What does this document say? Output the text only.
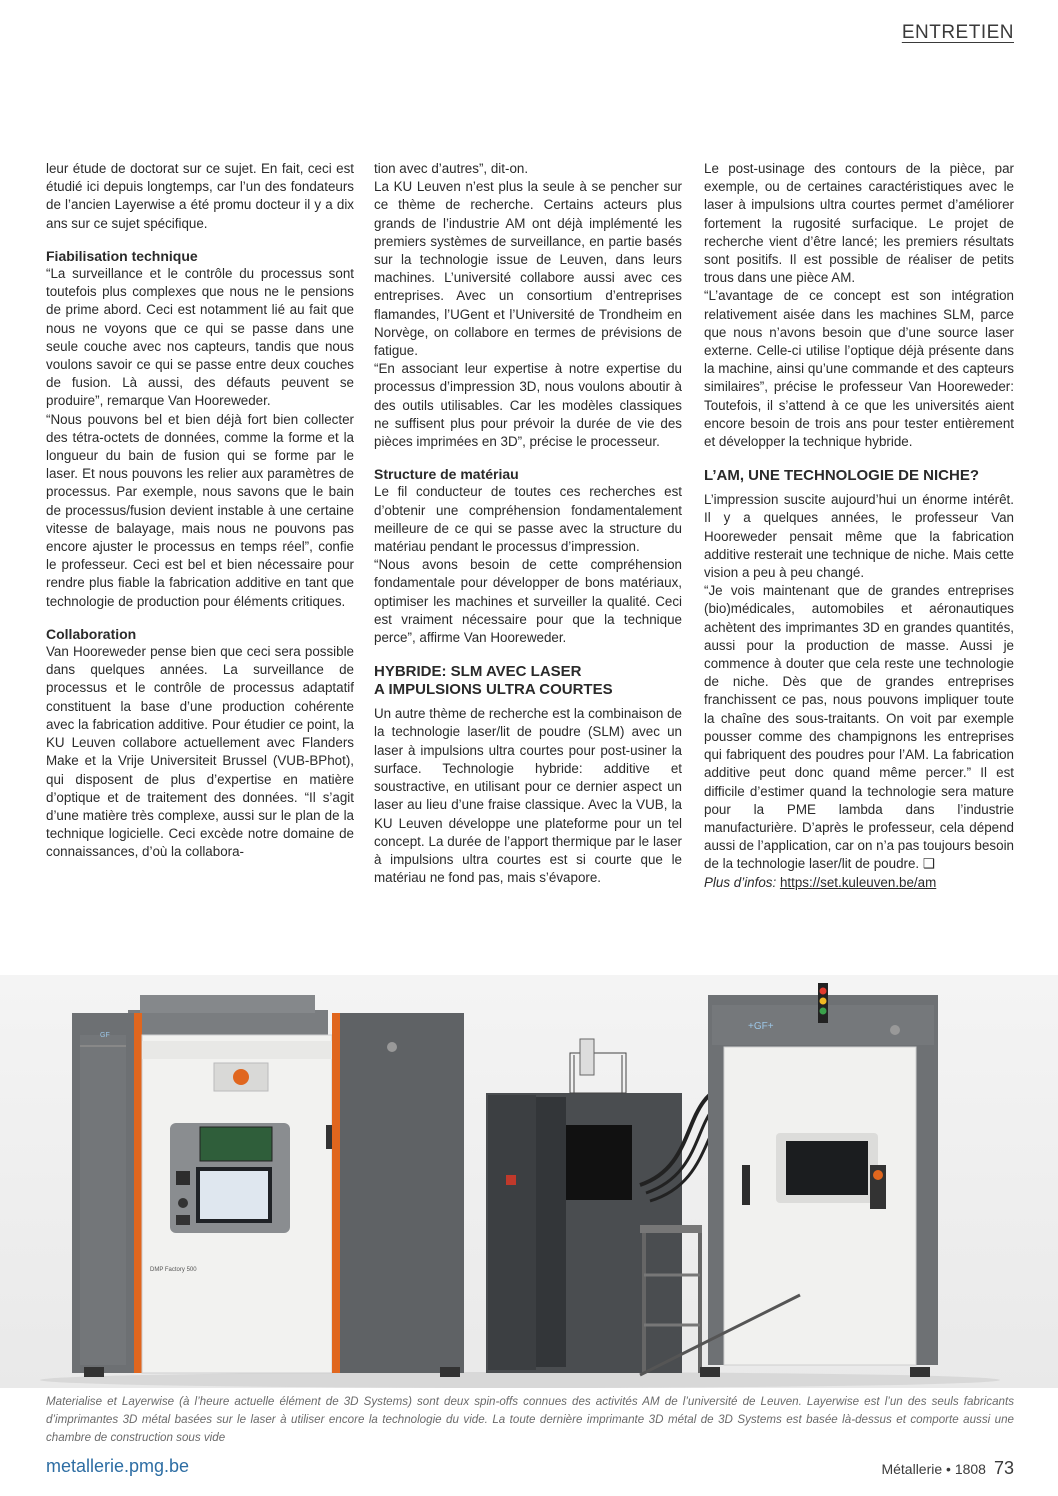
ENTRETIEN

leur étude de doctorat sur ce sujet. En fait, ceci est étudié ici depuis longtemps, car l’un des fondateurs de l’ancien Layerwise a été promu docteur il y a dix ans sur ce sujet spécifique.

Fiabilisation technique

“La surveillance et le contrôle du processus sont toutefois plus complexes que nous ne le pensions de prime abord. Ceci est notamment lié au fait que nous ne voyons que ce qui se passe dans une seule couche avec nos capteurs, tandis que nous voulons savoir ce qui se passe entre deux couches de fusion. Là aussi, des défauts peuvent se produire”, remarque Van Hooreweder.

“Nous pouvons bel et bien déjà fort bien collecter des tétra-octets de données, comme la forme et la longueur du bain de fusion qui se forme par le laser. Et nous pouvons les relier aux paramètres de processus. Par exemple, nous savons que le bain de processus/fusion devient instable à une certaine vitesse de balayage, mais nous ne pouvons pas encore ajuster le processus en temps réel”, confie le professeur. Ceci est bel et bien nécessaire pour rendre plus fiable la fabrication additive en tant que technologie de production pour éléments critiques.

Collaboration

Van Hooreweder pense bien que ceci sera possible dans quelques années. La surveillance de processus et le contrôle de processus adaptatif constituent la base d’une production cohérente avec la fabrication additive. Pour étudier ce point, la KU Leuven collabore actuellement avec Flanders Make et la Vrije Universiteit Brussel (VUB-BPhot), qui disposent de plus d’expertise en matière d’optique et de traitement des données. “Il s’agit d’une matière très complexe, aussi sur le plan de la technique logicielle. Ceci excède notre domaine de connaissances, d’où la collabora-

tion avec d’autres”, dit-on.

La KU Leuven n’est plus la seule à se pencher sur ce thème de recherche. Certains acteurs plus grands de l’industrie AM ont déjà implémenté les premiers systèmes de surveillance, en partie basés sur la technologie issue de Leuven, dans leurs machines. L’université collabore aussi avec ces entreprises. Avec un consortium d’entreprises flamandes, l’UGent et l’Université de Trondheim en Norvège, on collabore en termes de prévisions de fatigue.

“En associant leur expertise à notre expertise du processus d’impression 3D, nous voulons aboutir à des outils utilisables. Car les modèles classiques ne suffisent plus pour prévoir la durée de vie des pièces imprimées en 3D”, précise le processeur.

Structure de matériau

Le fil conducteur de toutes ces recherches est d’obtenir une compréhension fondamentalement meilleure de ce qui se passe avec la structure du matériau pendant le processus d’impression.

“Nous avons besoin de cette compréhension fondamentale pour développer de bons matériaux, optimiser les machines et surveiller la qualité. Ceci est vraiment nécessaire pour que la technique perce”, affirme Van Hooreweder.

HYBRIDE: SLM AVEC LASER
A IMPULSIONS ULTRA COURTES

Un autre thème de recherche est la combinaison de la technologie laser/lit de poudre (SLM) avec un laser à impulsions ultra courtes pour post-usiner la surface. Technologie hybride: additive et soustractive, en utilisant pour ce dernier aspect un laser au lieu d’une fraise classique. Avec la VUB, la KU Leuven développe une plateforme pour un tel concept. La durée de l’apport thermique par le laser à impulsions ultra courtes est si courte que le matériau ne fond pas, mais s’évapore.

Le post-usinage des contours de la pièce, par exemple, ou de certaines caractéristiques avec le laser à impulsions ultra courtes permet d’améliorer fortement la rugosité surfacique. Le projet de recherche vient d’être lancé; les premiers résultats sont positifs. Il est possible de réaliser de petits trous dans une pièce AM.

“L’avantage de ce concept est son intégration relativement aisée dans les machines SLM, parce que nous n’avons besoin que d’une source laser externe. Celle-ci utilise l’optique déjà présente dans la machine, ainsi qu’une commande et des capteurs similaires”, précise le professeur Van Hooreweder: Toutefois, il s’attend à ce que les universités aient encore besoin de trois ans pour tester entièrement et développer la technique hybride.

L’AM, UNE TECHNOLOGIE DE NICHE?

L’impression suscite aujourd’hui un énorme intérêt. Il y a quelques années, le professeur Van Hooreweder pensait même que la fabrication additive resterait une technique de niche. Mais cette vision a peu à peu changé.

“Je vois maintenant que de grandes entreprises (bio)médicales, automobiles et aéronautiques achètent des imprimantes 3D en grandes quantités, aussi pour la production de masse. Aussi je commence à douter que cela reste une technologie de niche. Dès que de grandes entreprises franchissent ce pas, nous pouvons impliquer toute la chaîne des sous-traitants. On voit par exemple pousser comme des champignons les entreprises qui fabriquent des poudres pour l’AM. La fabrication additive peut donc quand même percer.” Il est difficile d’estimer quand la technologie sera mature pour la PME lambda dans l’industrie manufacturière. D’après le professeur, cela dépend aussi de l’application, car on n’a pas toujours besoin de la technologie laser/lit de poudre. ❑

Plus d’infos: https://set.kuleuven.be/am

GF
DMP Factory 500
+GF+
Materialise et Layerwise (à l’heure actuelle élément de 3D Systems) sont deux spin-offs connues des activités AM de l’université de Leuven. Layerwise est l’un des seuls fabricants d’imprimantes 3D métal basées sur le laser à utiliser encore la technologie du vide. La toute dernière imprimante 3D métal de 3D Systems est basée là-dessus et comporte aussi une chambre de construction sous vide
metallerie.pmg.be	Métallerie • 1808 73
